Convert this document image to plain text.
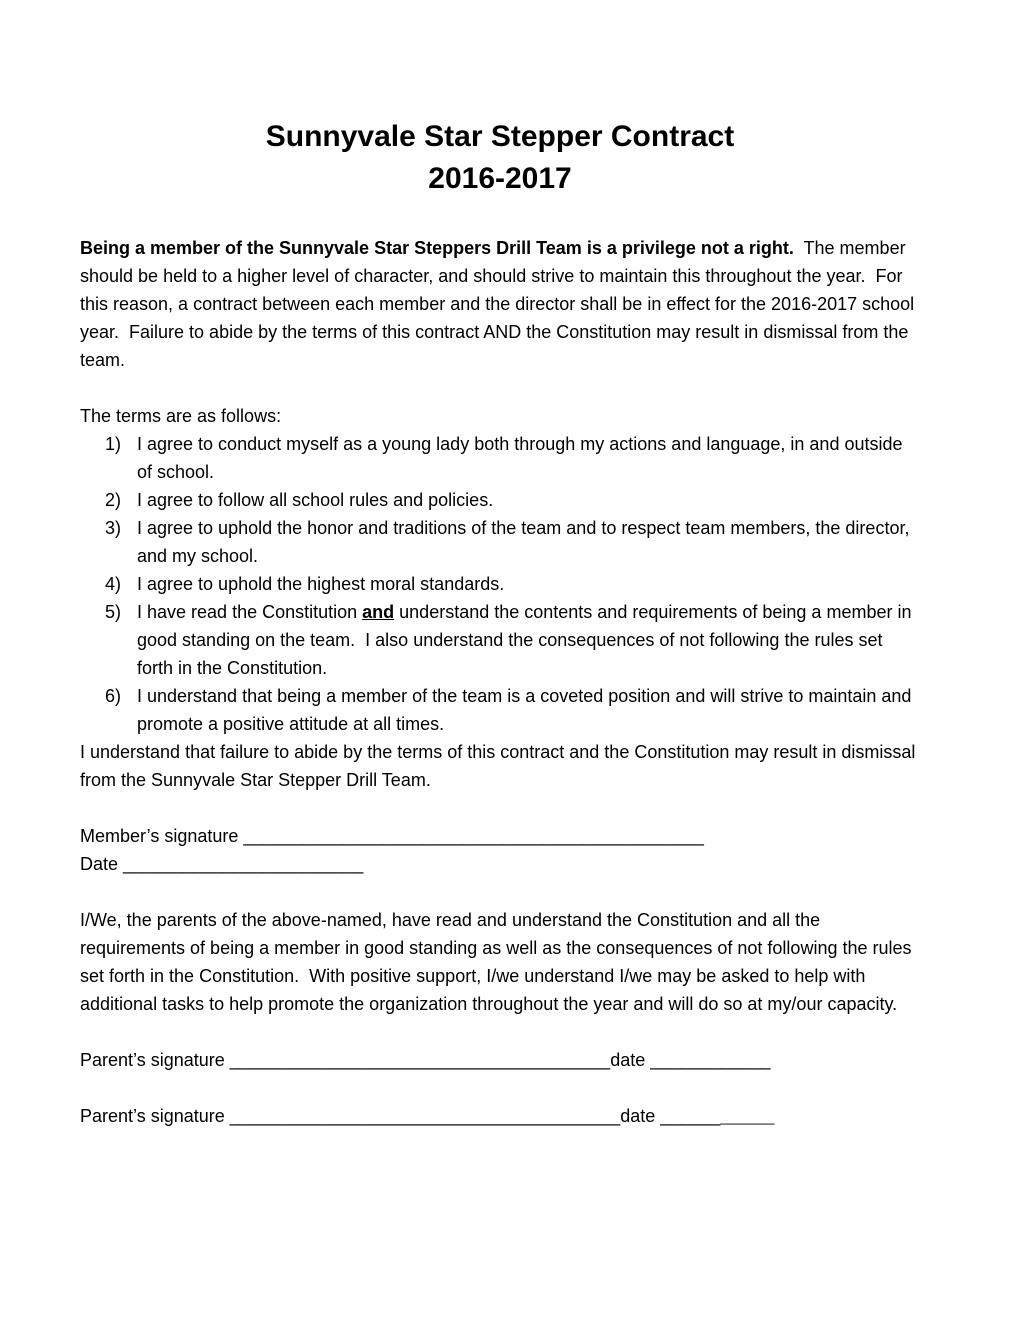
Sunnyvale Star Stepper Contract
2016-2017

Being a member of the Sunnyvale Star Steppers Drill Team is a privilege not a right.  The member should be held to a higher level of character, and should strive to maintain this throughout the year.  For this reason, a contract between each member and the director shall be in effect for the 2016-2017 school year.  Failure to abide by the terms of this contract AND the Constitution may result in dismissal from the team.

The terms are as follows:

1) I agree to conduct myself as a young lady both through my actions and language, in and outside of school.
2) I agree to follow all school rules and policies.
3) I agree to uphold the honor and traditions of the team and to respect team members, the director, and my school.
4) I agree to uphold the highest moral standards.
5) I have read the Constitution and understand the contents and requirements of being a member in good standing on the team.  I also understand the consequences of not following the rules set forth in the Constitution.
6) I understand that being a member of the team is a coveted position and will strive to maintain and promote a positive attitude at all times.

I understand that failure to abide by the terms of this contract and the Constitution may result in dismissal from the Sunnyvale Star Stepper Drill Team.

Member’s signature ______________________________________________

Date ________________________

I/We, the parents of the above-named, have read and understand the Constitution and all the requirements of being a member in good standing as well as the consequences of not following the rules set forth in the Constitution.  With positive support, I/we understand I/we may be asked to help with additional tasks to help promote the organization throughout the year and will do so at my/our capacity.

Parent’s signature ______________________________________date ____________

Parent’s signature _______________________________________date ____________
